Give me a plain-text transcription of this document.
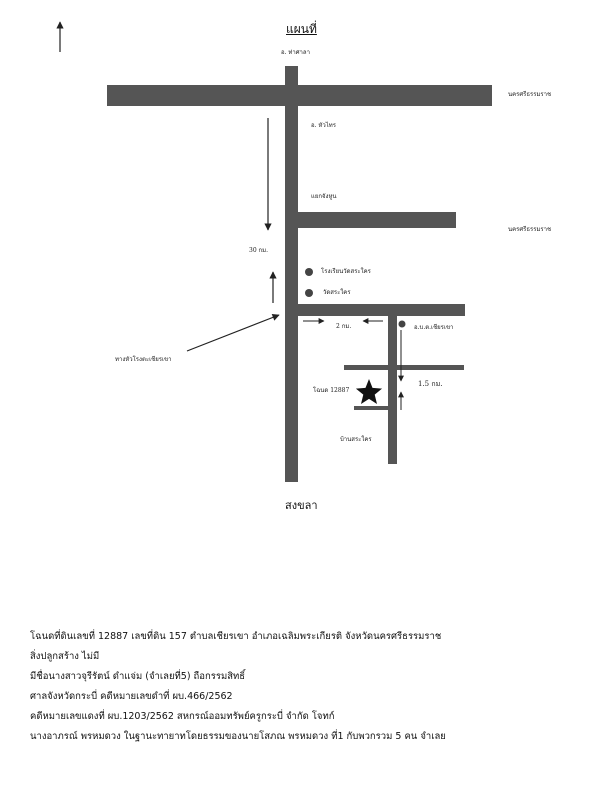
แผนที่
อ. ท่าศาลา
นครศรีธรรมราช
อ. หัวไทร
แยกจังหูน
นครศรีธรรมราช
30 กม.
โรงเรียนวัดสระใคร
วัดสระใคร
2 กม.	อ.บ.ต.เชียรเขา
ทางหัวโรงตะเชียรเขา
โฉนด 12887
1.5 กม.
บ้านสระใคร
สงขลา
โฉนดที่ดินเลขที่ 12887 เลขที่ดิน 157 ตำบลเชียรเขา อำเภอเฉลิมพระเกียรติ จังหวัดนครศรีธรรมราช
สิ่งปลูกสร้าง ไม่มี
มีชื่อนางสาวจุรีรัตน์ ดำแจ่ม (จำเลยที่5) ถือกรรมสิทธิ์
ศาลจังหวัดกระบี่ คดีหมายเลขดำที่ ผบ.466/2562
คดีหมายเลขแดงที่ ผบ.1203/2562 สหกรณ์ออมทรัพย์ครูกระบี่ จำกัด โจทก์
นางอาภรณ์ พรหมดวง ในฐานะทายาทโดยธรรมของนายโสภณ พรหมดวง ที่1 กับพวกรวม 5 คน จำเลย
